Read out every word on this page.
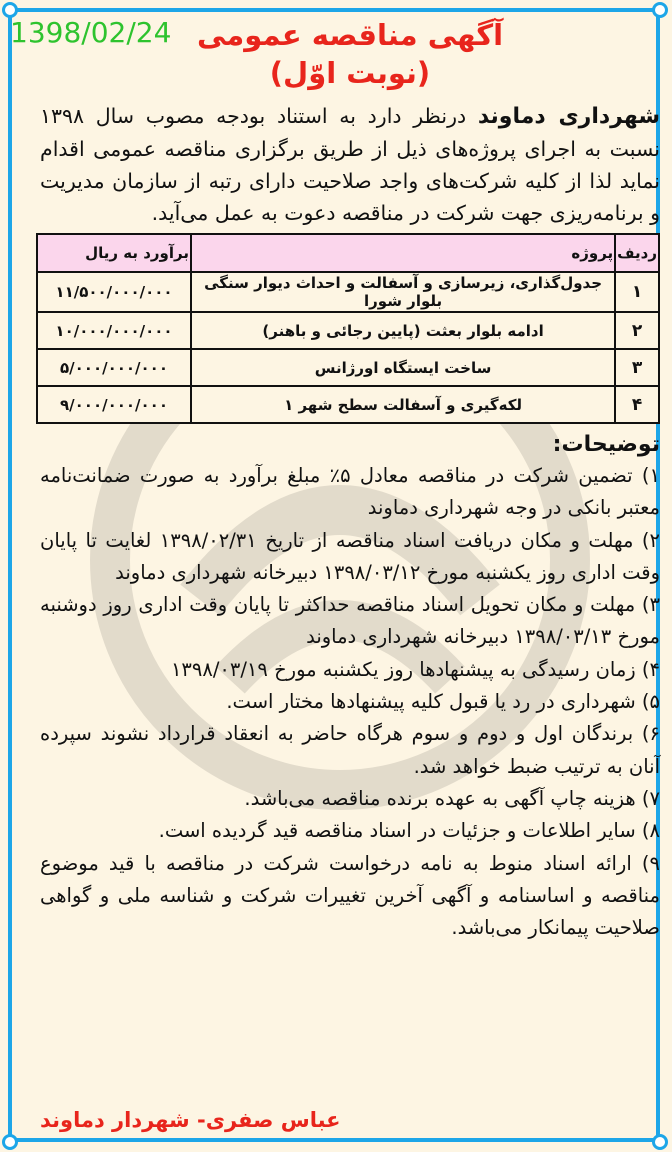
1398/02/24 آگهی مناقصه عمومی
(نوبت اوّل)

شهرداری دماوند درنظر دارد به استناد بودجه مصوب سال ۱۳۹۸ نسبت به اجرای پروژه‌های ذیل از طریق برگزاری مناقصه عمومی اقدام نماید لذا از کلیه شرکت‌های واجد صلاحیت دارای رتبه از سازمان مدیریت و برنامه‌ریزی جهت شرکت در مناقصه دعوت به عمل می‌آید.

ردیف	پروژه	برآورد به ریال
۱	جدول‌گذاری، زیرسازی و آسفالت و احداث دیوار سنگی بلوار شورا	۱۱/۵۰۰/۰۰۰/۰۰۰
۲	ادامه بلوار بعثت (پایین رجائی و باهنر)	۱۰/۰۰۰/۰۰۰/۰۰۰
۳	ساخت ایستگاه اورژانس	۵/۰۰۰/۰۰۰/۰۰۰
۴	لکه‌گیری و آسفالت سطح شهر ۱	۹/۰۰۰/۰۰۰/۰۰۰
توضیحات:
۱) تضمین شرکت در مناقصه معادل ۵٪ مبلغ برآورد به صورت ضمانت‌نامه معتبر بانکی در وجه شهرداری دماوند
۲) مهلت و مکان دریافت اسناد مناقصه از تاریخ ۱۳۹۸/۰۲/۳۱ لغایت تا پایان وقت اداری روز یکشنبه مورخ ۱۳۹۸/۰۳/۱۲ دبیرخانه شهرداری دماوند
۳) مهلت و مکان تحویل اسناد مناقصه حداکثر تا پایان وقت اداری روز دوشنبه مورخ ۱۳۹۸/۰۳/۱۳ دبیرخانه شهرداری دماوند
۴) زمان رسیدگی به پیشنهادها روز یکشنبه مورخ ۱۳۹۸/۰۳/۱۹
۵) شهرداری در رد یا قبول کلیه پیشنهادها مختار است.
۶) برندگان اول و دوم و سوم هرگاه حاضر به انعقاد قرارداد نشوند سپرده آنان به ترتیب ضبط خواهد شد.
۷) هزینه چاپ آگهی به عهده برنده مناقصه می‌باشد.
۸) سایر اطلاعات و جزئیات در اسناد مناقصه قید گردیده است.
۹) ارائه اسناد منوط به نامه درخواست شرکت در مناقصه با قید موضوع مناقصه و اساسنامه و آگهی آخرین تغییرات شرکت و شناسه ملی و گواهی صلاحیت پیمانکار می‌باشد.
عباس صفری- شهردار دماوند
